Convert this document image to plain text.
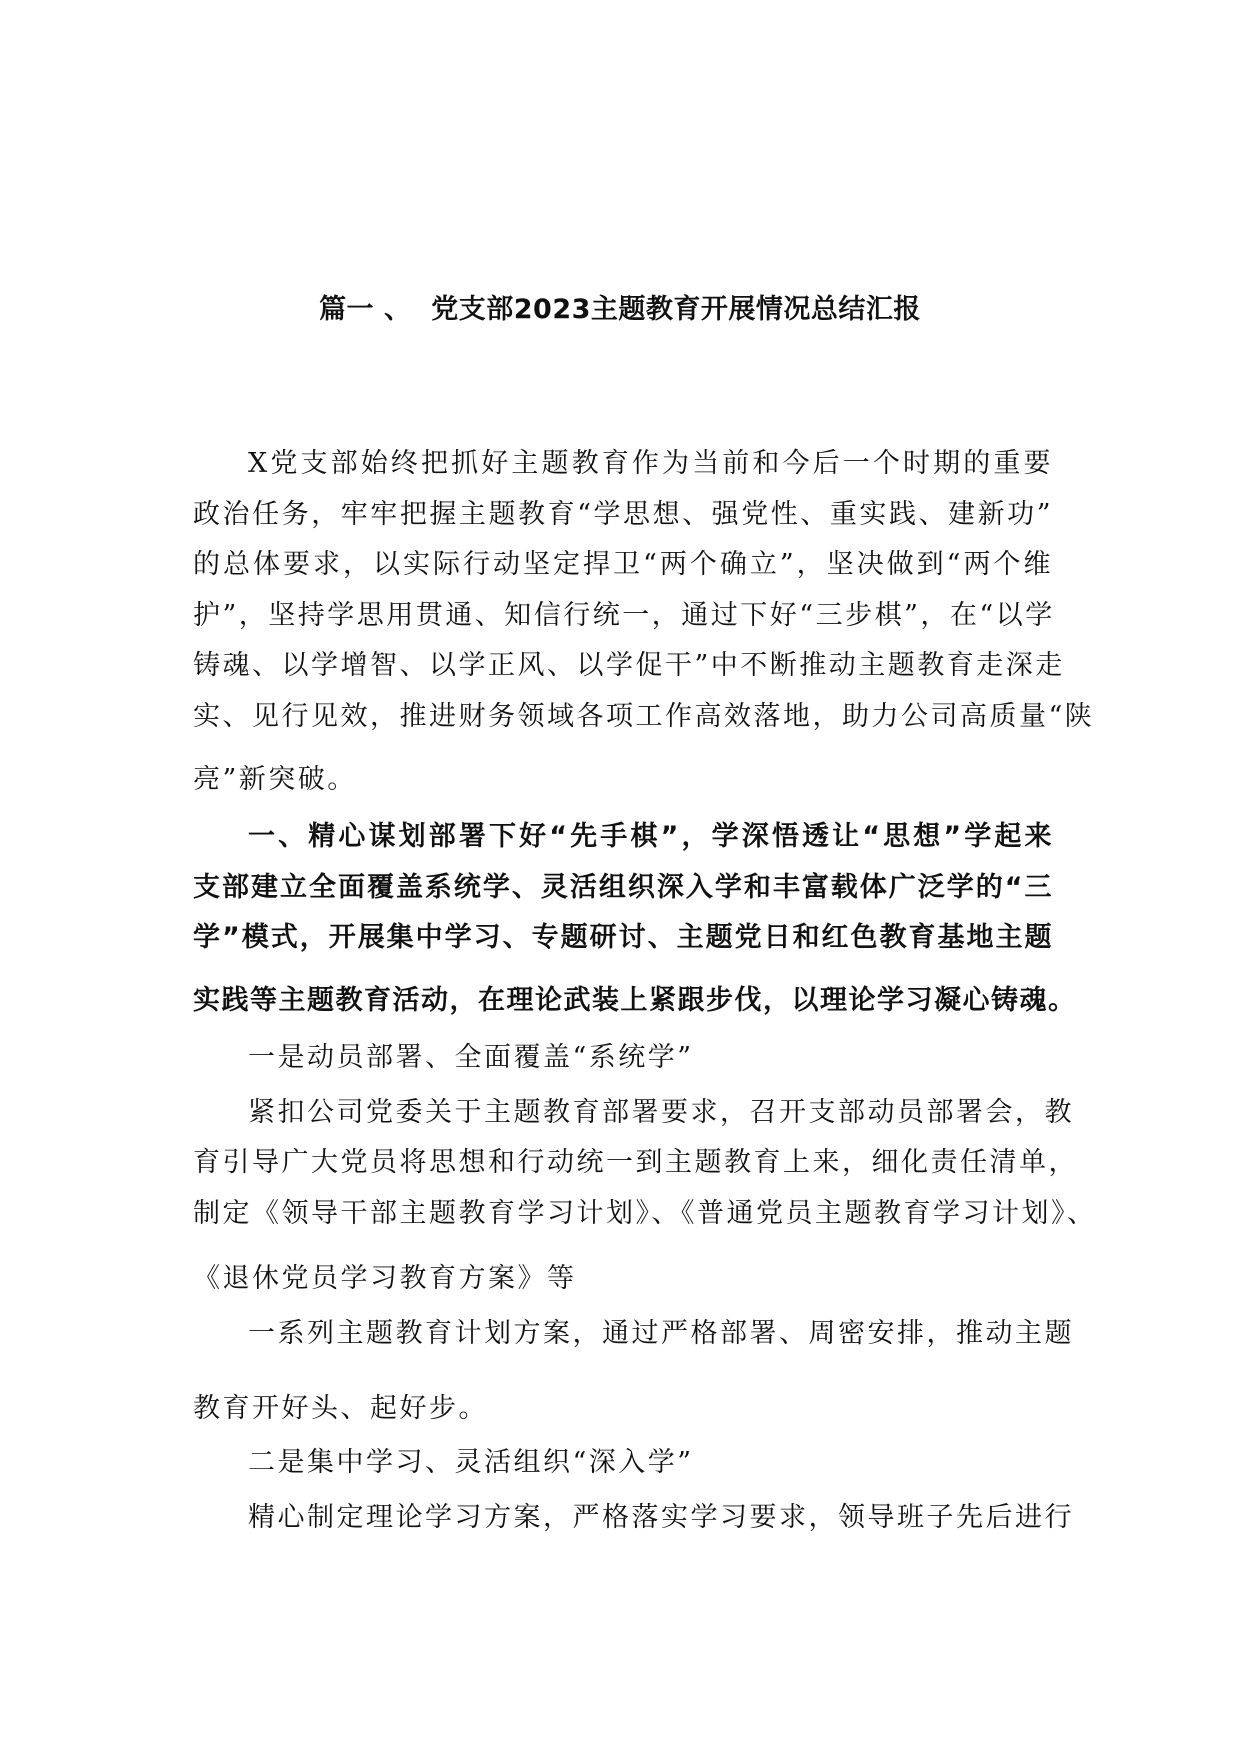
篇一 、  党支部2023主题教育开展情况总结汇报
X党支部始终把抓好主题教育作为当前和今后一个时期的重要
政治任务，牢牢把握主题教育“学思想、强党性、重实践、建新功”
的总体要求，以实际行动坚定捍卫“两个确立”，坚决做到“两个维
护”，坚持学思用贯通、知信行统一，通过下好“三步棋”，在“以学
铸魂、以学增智、以学正风、以学促干”中不断推动主题教育走深走
实、见行见效，推进财务领域各项工作高效落地，助力公司高质量“陕
亮”新突破。
一、精心谋划部署下好“先手棋”，学深悟透让“思想”学起来
支部建立全面覆盖系统学、灵活组织深入学和丰富载体广泛学的“三
学”模式，开展集中学习、专题研讨、主题党日和红色教育基地主题
实践等主题教育活动，在理论武装上紧跟步伐，以理论学习凝心铸魂。
一是动员部署、全面覆盖“系统学”
紧扣公司党委关于主题教育部署要求，召开支部动员部署会，教
育引导广大党员将思想和行动统一到主题教育上来，细化责任清单，
制定《领导干部主题教育学习计划》、《普通党员主题教育学习计划》、
《退休党员学习教育方案》等
一系列主题教育计划方案，通过严格部署、周密安排，推动主题
教育开好头、起好步。
二是集中学习、灵活组织“深入学”
精心制定理论学习方案，严格落实学习要求，领导班子先后进行
